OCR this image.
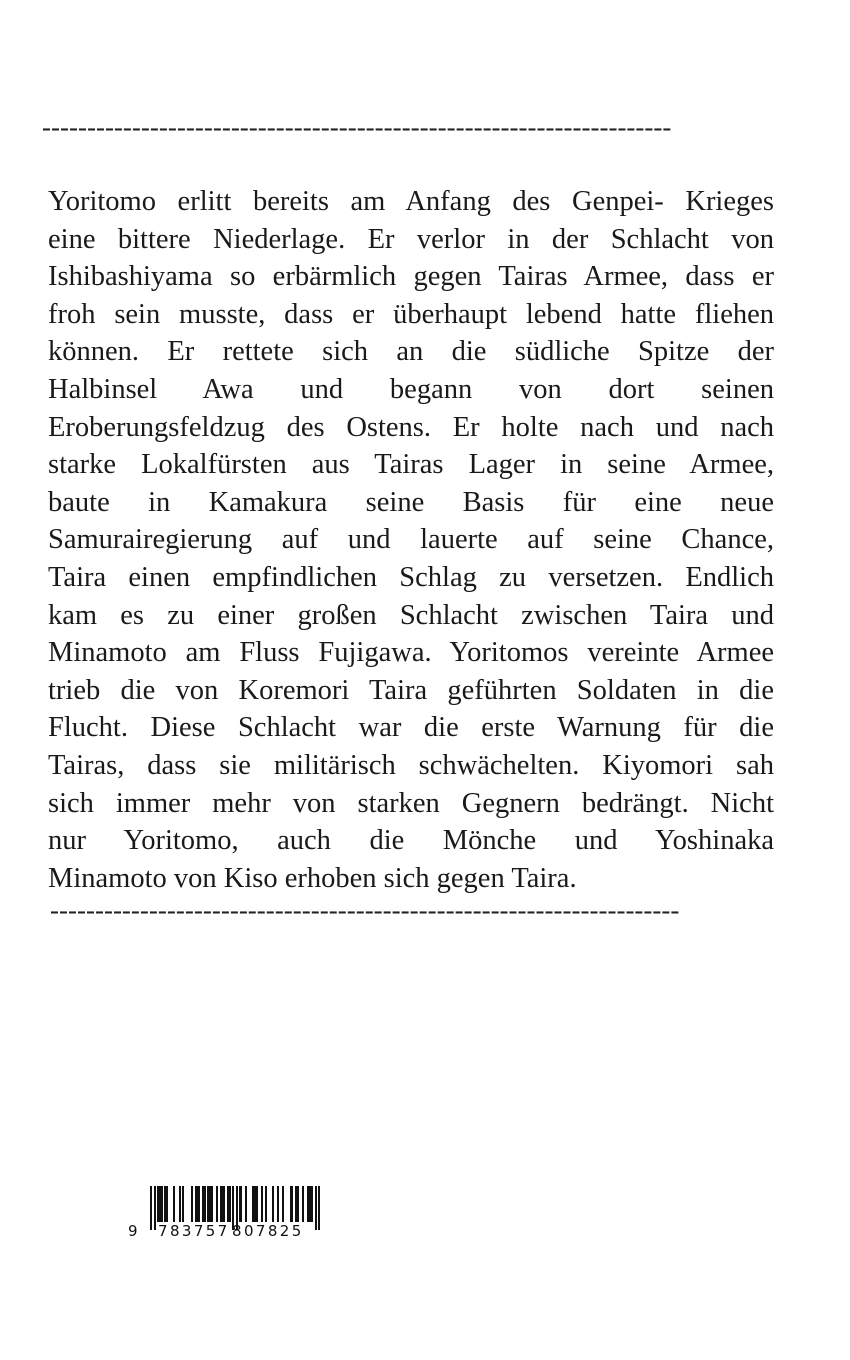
----------------------------------------------------------------------
Yoritomo erlitt bereits am Anfang des Genpei- Krieges
eine bittere Niederlage. Er verlor in der Schlacht von
Ishibashiyama so erbärmlich gegen Tairas Armee, dass er
froh sein musste, dass er überhaupt lebend hatte fliehen
können. Er rettete sich an die südliche Spitze der
Halbinsel Awa und begann von dort seinen
Eroberungsfeldzug des Ostens. Er holte nach und nach
starke Lokalfürsten aus Tairas Lager in seine Armee,
baute in Kamakura seine Basis für eine neue
Samurairegierung auf und lauerte auf seine Chance,
Taira einen empfindlichen Schlag zu versetzen. Endlich
kam es zu einer großen Schlacht zwischen Taira und
Minamoto am Fluss Fujigawa. Yoritomos vereinte Armee
trieb die von Koremori Taira geführten Soldaten in die
Flucht. Diese Schlacht war die erste Warnung für die
Tairas, dass sie militärisch schwächelten. Kiyomori sah
sich immer mehr von starken Gegnern bedrängt. Nicht
nur Yoritomo, auch die Mönche und Yoshinaka
Minamoto von Kiso erhoben sich gegen Taira.
----------------------------------------------------------------------
9 783757 807825
